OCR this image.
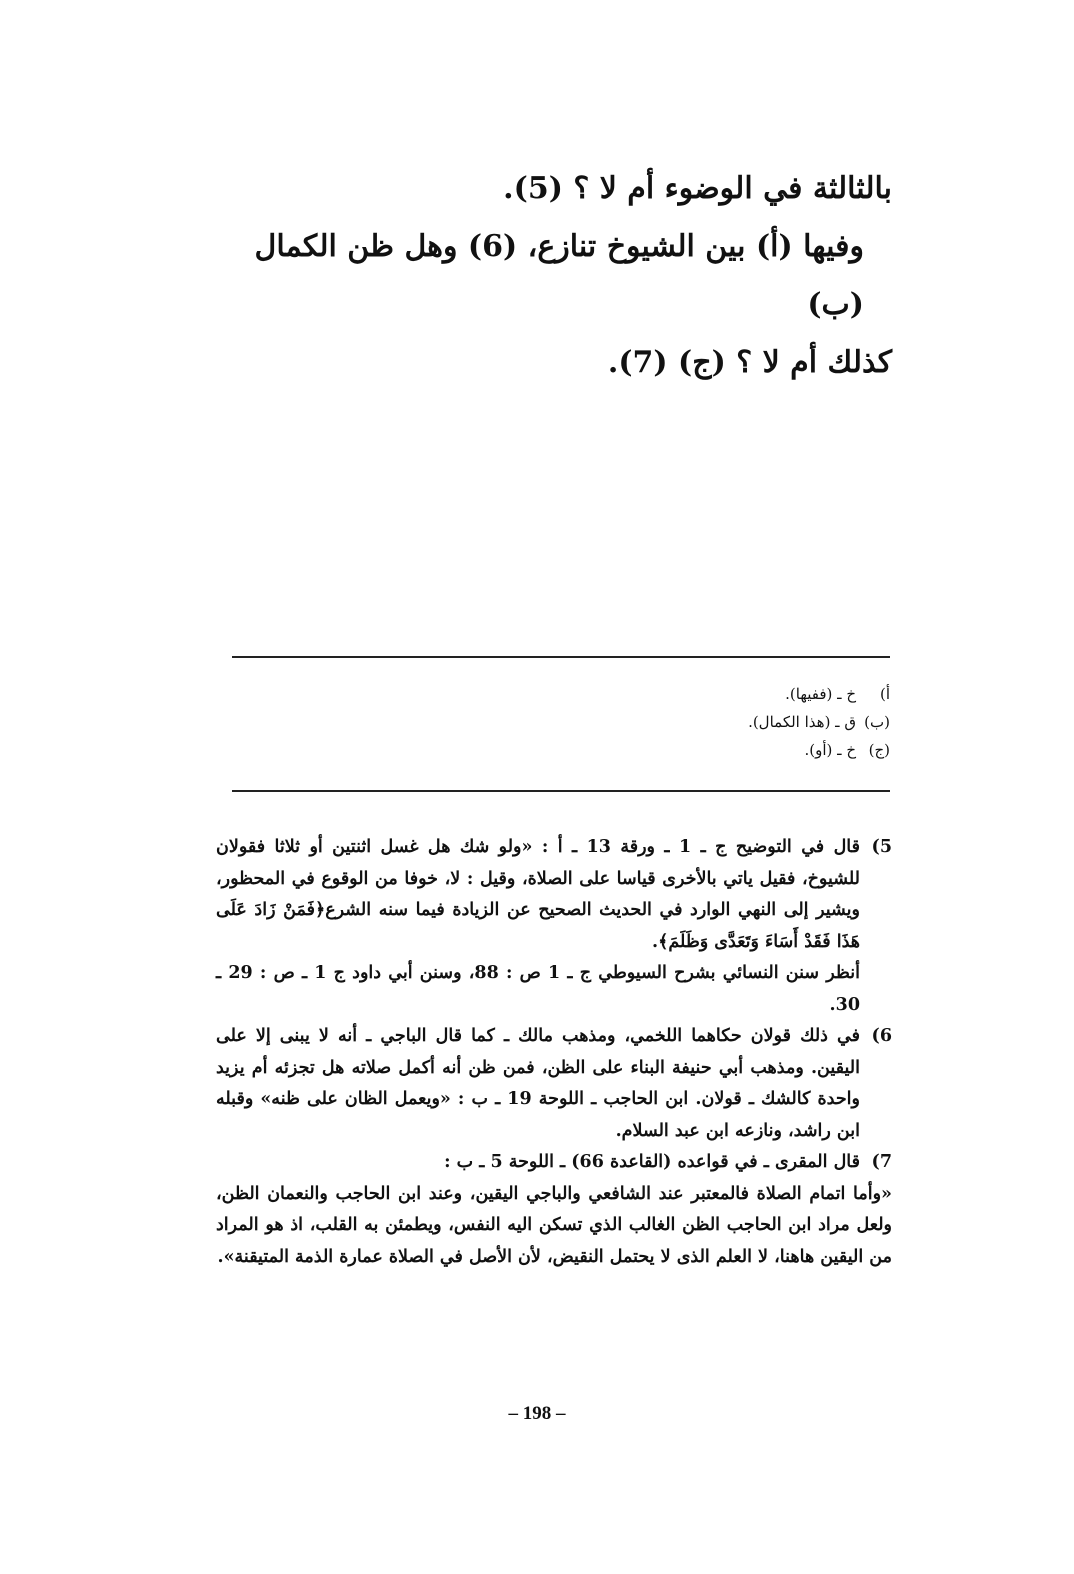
بالثالثة في الوضوء أم لا ؟ (5).

وفيها (أ) بين الشيوخ تنازع، (6) وهل ظن الكمال (ب)

كذلك أم لا ؟ (ج) (7).

أ)
خ ـ (ففيها).
(ب)
ق ـ (هذا الكمال).
(ج)
خ ـ (أو).
5)

قال في التوضيح ج ـ 1 ـ ورقة 13 ـ أ : «ولو شك هل غسل اثنتين أو ثلاثا فقولان للشيوخ، فقيل ياتي بالأخرى قياسا على الصلاة، وقيل : لا، خوفا من الوقوع في المحظور، ويشير إلى النهي الوارد في الحديث الصحيح عن الزيادة فيما سنه الشرع﴿فَمَنْ زَادَ عَلَى هَذَا فَقَدْ أَسَاءَ وَتَعَدَّى وَظَلَمَ﴾.

أنظر سنن النسائي بشرح السيوطي ج ـ 1 ص : 88، وسنن أبي داود ج 1 ـ ص : 29 ـ 30.

6)

في ذلك قولان حكاهما اللخمي، ومذهب مالك ـ كما قال الباجي ـ أنه لا يبنى إلا على اليقين. ومذهب أبي حنيفة البناء على الظن، فمن ظن أنه أكمل صلاته هل تجزئه أم يزيد واحدة كالشك ـ قولان. ابن الحاجب ـ اللوحة 19 ـ ب : «ويعمل الظان على ظنه» وقبله ابن راشد، ونازعه ابن عبد السلام.

7)

قال المقرى ـ في قواعده (القاعدة 66) ـ اللوحة 5 ـ ب :

«وأما اتمام الصلاة فالمعتبر عند الشافعي والباجي اليقين، وعند ابن الحاجب والنعمان الظن، ولعل مراد ابن الحاجب الظن الغالب الذي تسكن اليه النفس، ويطمئن به القلب، اذ هو المراد من اليقين هاهنا، لا العلم الذى لا يحتمل النقيض، لأن الأصل في الصلاة عمارة الذمة المتيقنة».

– 198 –
